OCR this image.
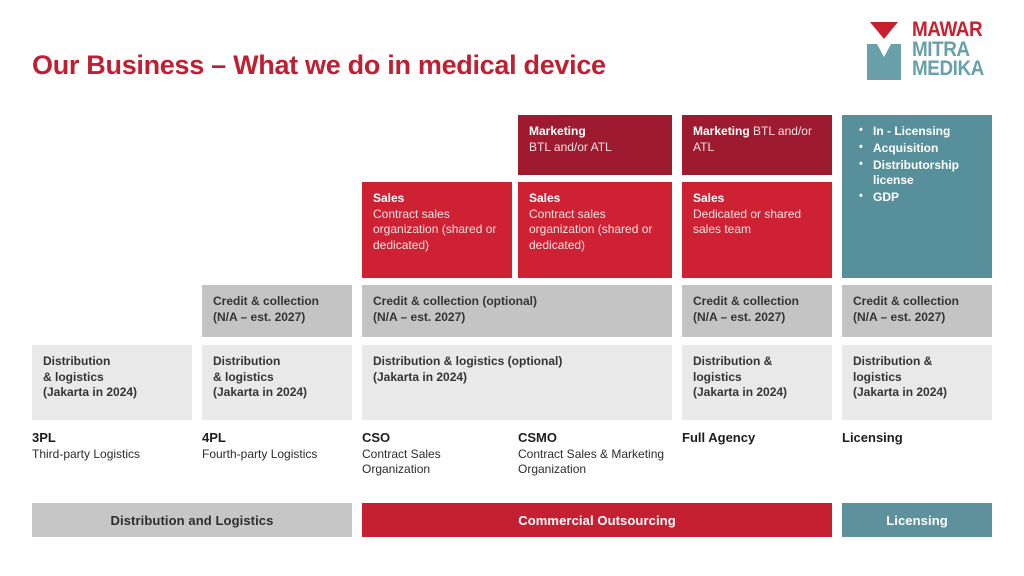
Our Business – What we do in medical device
MAWAR
MITRA
MEDIKA
Marketing
BTL and/or ATL
Marketing BTL and/or ATL
• In - Licensing
• Acquisition
• Distributorship license
• GDP
Sales
Contract sales organization (shared or dedicated)
Sales
Contract sales organization (shared or dedicated)
Sales
Dedicated or shared sales team
Credit & collection
(N/A – est. 2027)
Credit & collection (optional)
(N/A – est. 2027)
Credit & collection
(N/A – est. 2027)
Credit & collection
(N/A – est. 2027)
Distribution
& logistics
(Jakarta in 2024)
Distribution
& logistics
(Jakarta in 2024)
Distribution & logistics (optional)
(Jakarta in 2024)
Distribution &
logistics
(Jakarta in 2024)
Distribution &
logistics
(Jakarta in 2024)
3PL
Third-party Logistics
4PL
Fourth-party Logistics
CSO
Contract Sales Organization
CSMO
Contract Sales & Marketing Organization
Full Agency	Licensing
Distribution and Logistics	Commercial Outsourcing	Licensing
